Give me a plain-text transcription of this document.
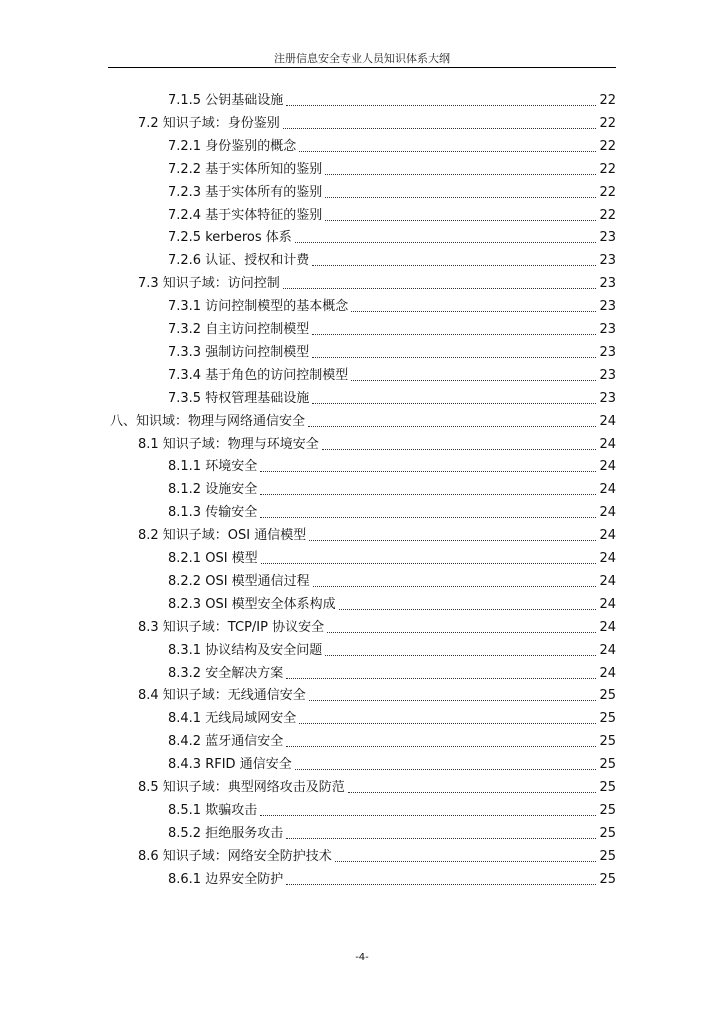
注册信息安全专业人员知识体系大纲
7.1.5 公钥基础设施	22
7.2 知识子域：身份鉴别	22
7.2.1 身份鉴别的概念	22
7.2.2 基于实体所知的鉴别	22
7.2.3 基于实体所有的鉴别	22
7.2.4 基于实体特征的鉴别	22
7.2.5 kerberos 体系	23
7.2.6 认证、授权和计费	23
7.3 知识子域：访问控制	23
7.3.1 访问控制模型的基本概念	23
7.3.2 自主访问控制模型	23
7.3.3 强制访问控制模型	23
7.3.4 基于角色的访问控制模型	23
7.3.5 特权管理基础设施	23
八、知识域：物理与网络通信安全	24
8.1 知识子域：物理与环境安全	24
8.1.1 环境安全	24
8.1.2 设施安全	24
8.1.3 传输安全	24
8.2 知识子域：OSI 通信模型	24
8.2.1 OSI 模型	24
8.2.2 OSI 模型通信过程	24
8.2.3 OSI 模型安全体系构成	24
8.3 知识子域：TCP/IP 协议安全	24
8.3.1 协议结构及安全问题	24
8.3.2 安全解决方案	24
8.4 知识子域：无线通信安全	25
8.4.1 无线局域网安全	25
8.4.2 蓝牙通信安全	25
8.4.3 RFID 通信安全	25
8.5 知识子域：典型网络攻击及防范	25
8.5.1 欺骗攻击	25
8.5.2 拒绝服务攻击	25
8.6 知识子域：网络安全防护技术	25
8.6.1 边界安全防护	25
-4-
